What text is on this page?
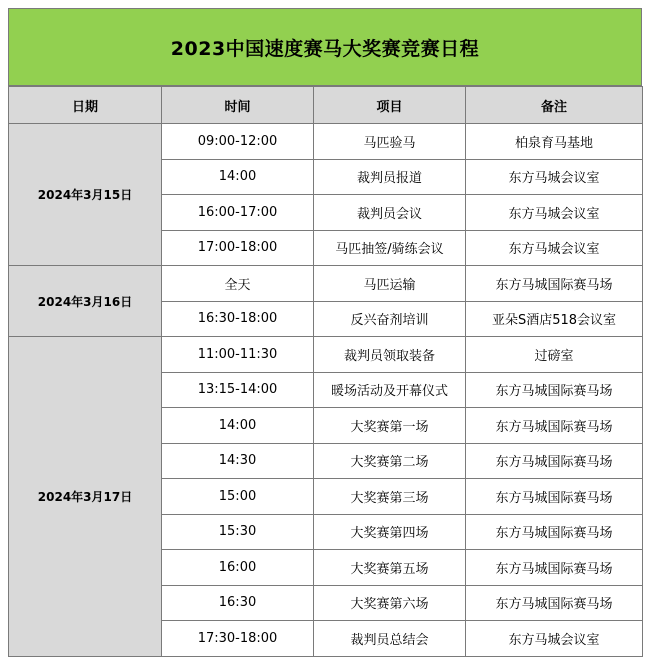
2023中国速度赛马大奖赛竞赛日程
日期	时间	项目	备注
2024年3月15日	09:00-12:00	马匹验马	柏泉育马基地
	14:00	裁判员报道	东方马城会议室
	16:00-17:00	裁判员会议	东方马城会议室
	17:00-18:00	马匹抽签/骑练会议	东方马城会议室
2024年3月16日	全天	马匹运输	东方马城国际赛马场
	16:30-18:00	反兴奋剂培训	亚朵S酒店518会议室
2024年3月17日	11:00-11:30	裁判员领取装备	过磅室
	13:15-14:00	暖场活动及开幕仪式	东方马城国际赛马场
	14:00	大奖赛第一场	东方马城国际赛马场
	14:30	大奖赛第二场	东方马城国际赛马场
	15:00	大奖赛第三场	东方马城国际赛马场
	15:30	大奖赛第四场	东方马城国际赛马场
	16:00	大奖赛第五场	东方马城国际赛马场
	16:30	大奖赛第六场	东方马城国际赛马场
	17:30-18:00	裁判员总结会	东方马城会议室
